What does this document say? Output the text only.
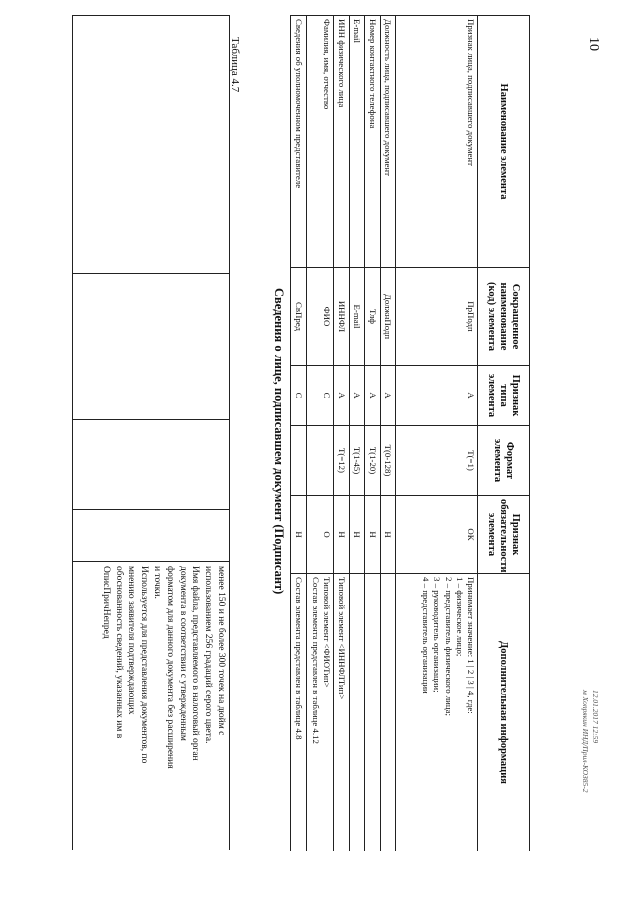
10

менее 150 и не более 300 точек на дюйм с
использованием 256 градаций серого цвета.
Имя файла, представляемого в налоговый орган
документа в соответствии с утвержденным
форматом для данного документа без расширения
и точки.
Используется для представления документов, по
мнению заявителя подтверждающих
обоснованность сведений, указанных им в
ОписПричНепред
Таблица 4.7
Сведения о лице, подписавшем документ (Подписант)
Наименование элемента	Сокращенное наименование (код) элемента	Признак типа элемента	Формат элемента	Признак обязательности элемента	Дополнительная информация
Признак лица, подписавшего документ	ПрПодп	А	T(=1)	ОК	Принимает значение: 1 | 2 | 3 | 4, где:
1 – физическое лицо;
2 – представитель физического лица;
3 – руководитель организации;
4 – представитель организации

Должность лица, подписавшего документ	ДолжнПодп	А	T(0-128)	Н	
Номер контактного телефона	Тлф	А	T(1-20)	Н	
E-mail	E-mail	А	T(1-45)	Н	
ИНН физического лица	ИННФЛ	А	T(=12)	Н	Типовой элемент <ИННФЛТип>
Фамилия, имя, отчество	ФИО	С		О	Типовой элемент <ФИОТип>
Состав элемента представлен в таблице 4.12

Сведения об уполномоченном представителе	СвПред	С		Н	Состав элемента представлен в таблице 4.8	12.01.2017 12:59
м Хопрякин ИНД/Прил-КОЗ85-2
